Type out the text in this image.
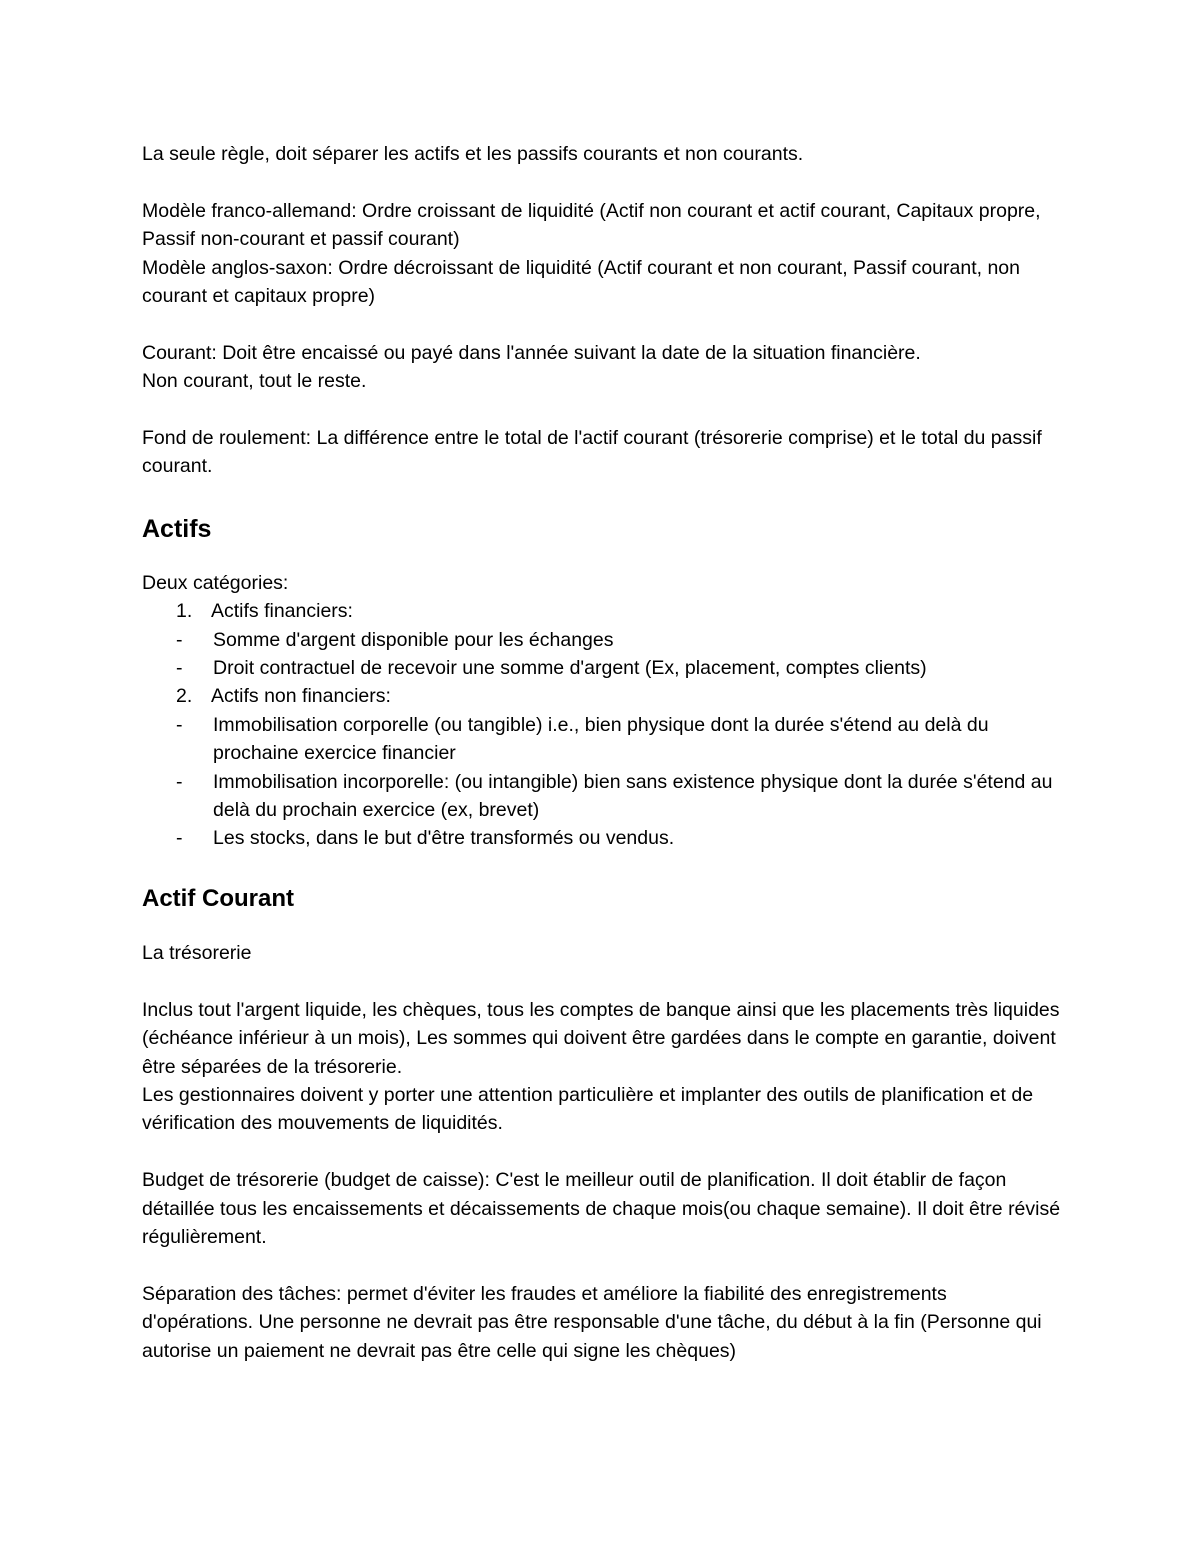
La seule règle, doit séparer les actifs et les passifs courants et non courants.

Modèle franco-allemand: Ordre croissant de liquidité (Actif non courant et actif courant, Capitaux propre, Passif non-courant et passif courant)

Modèle anglos-saxon: Ordre décroissant de liquidité (Actif courant et non courant, Passif courant, non courant et capitaux propre)

Courant: Doit être encaissé ou payé dans l'année suivant la date de la situation financière.

Non courant, tout le reste.

Fond de roulement: La différence entre le total de l'actif courant (trésorerie comprise) et le total du passif courant.

Actifs

Deux catégories:

1. Actifs financiers:
- Somme d'argent disponible pour les échanges
- Droit contractuel de recevoir une somme d'argent (Ex, placement, comptes clients)
2. Actifs non financiers:
- Immobilisation corporelle (ou tangible) i.e., bien physique dont la durée s'étend au delà du prochaine exercice financier
- Immobilisation incorporelle: (ou intangible) bien sans existence physique dont la durée s'étend au delà du prochain exercice (ex, brevet)
- Les stocks, dans le but d'être transformés ou vendus.
Actif Courant

La trésorerie

Inclus tout l'argent liquide, les chèques, tous les comptes de banque ainsi que les placements très liquides (échéance inférieur à un mois), Les sommes qui doivent être gardées dans le compte en garantie, doivent être séparées de la trésorerie.

Les gestionnaires doivent y porter une attention particulière et implanter des outils de planification et de vérification des mouvements de liquidités.

Budget de trésorerie (budget de caisse): C'est le meilleur outil de planification. Il doit établir de façon détaillée tous les encaissements et décaissements de chaque mois(ou chaque semaine). Il doit être révisé régulièrement.

Séparation des tâches: permet d'éviter les fraudes et améliore la fiabilité des enregistrements d'opérations. Une personne ne devrait pas être responsable d'une tâche, du début à la fin (Personne qui autorise un paiement ne devrait pas être celle qui signe les chèques)
